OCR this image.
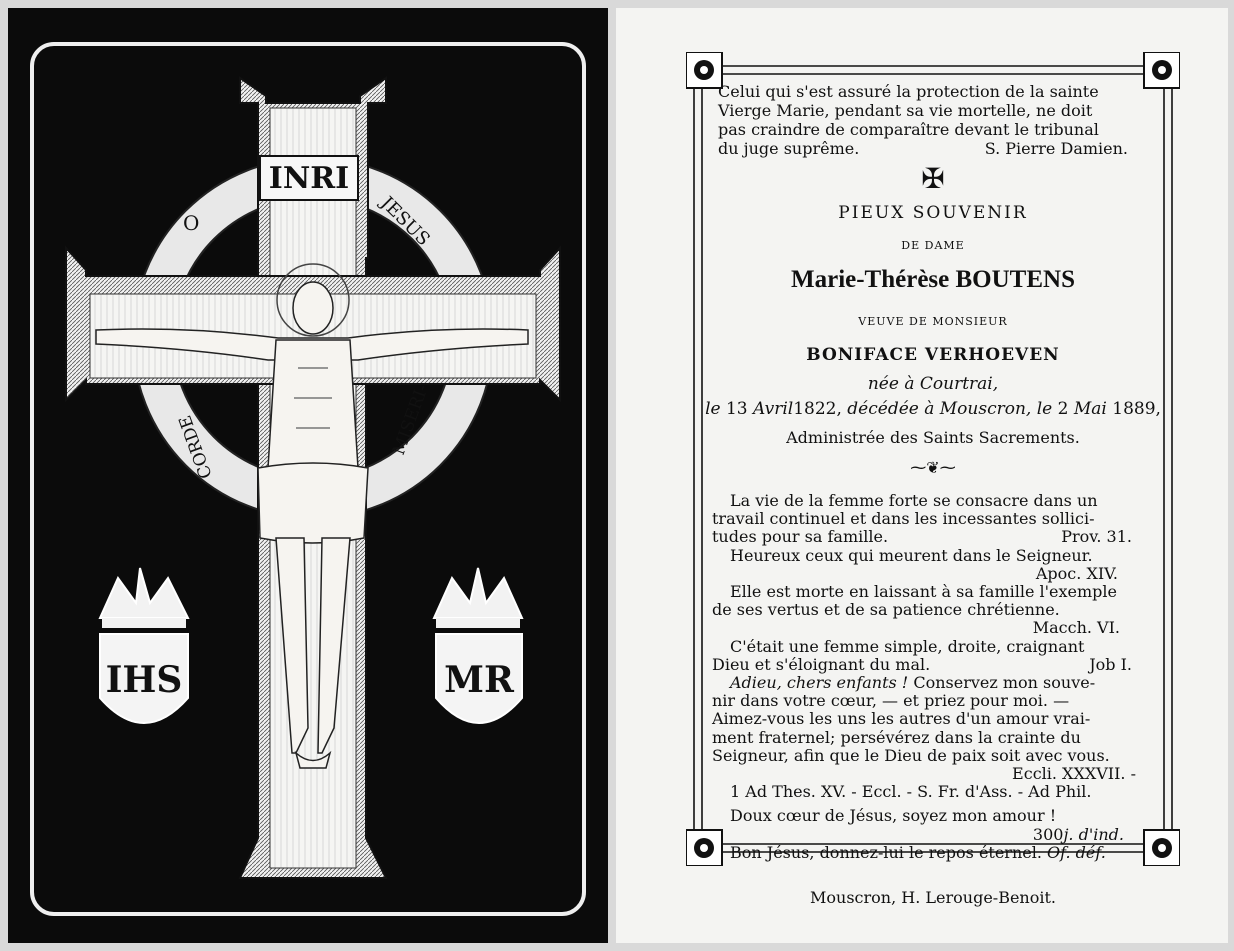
O	JESUS
MISERI-
CORDE
INRI
IHS	MR
Celui qui s'est assuré la protection de la sainte
Vierge Marie, pendant sa vie mortelle, ne doit
pas craindre de comparaître devant le tribunal
du juge suprême.	S. Pierre Damien.
✠
PIEUX SOUVENIR
DE DAME
Marie-Thérèse BOUTENS
VEUVE DE MONSIEUR
BONIFACE VERHOEVEN
née à Courtrai,
le 13 Avril1822, décédée à Mouscron, le 2 Mai 1889,
Administrée des Saints Sacrements.
⁓❦⁓
La vie de la femme forte se consacre dans un
travail continuel et dans les incessantes sollici-
tudes pour sa famille.	Prov. 31.
Heureux ceux qui meurent dans le Seigneur.
Apoc. XIV.
Elle est morte en laissant à sa famille l'exemple
de ses vertus et de sa patience chrétienne.
Macch. VI.
C'était une femme simple, droite, craignant
Dieu et s'éloignant du mal.	Job I.
Adieu, chers enfants !
Conservez mon souve-
nir dans votre cœur, — et priez pour moi. —
Aimez-vous les uns les autres d'un amour vrai-
ment fraternel; persévérez dans la crainte du
Seigneur, afin que le Dieu de paix soit avec vous.
Eccli. XXXVII. -
1 Ad Thes. XV. - Eccl. - S. Fr. d'Ass. - Ad Phil.
Doux cœur de Jésus, soyez mon amour !
300j. d'ind.
Bon Jésus, donnez-lui le repos éternel.
Of. déf.
Mouscron, H. Lerouge-Benoit.
